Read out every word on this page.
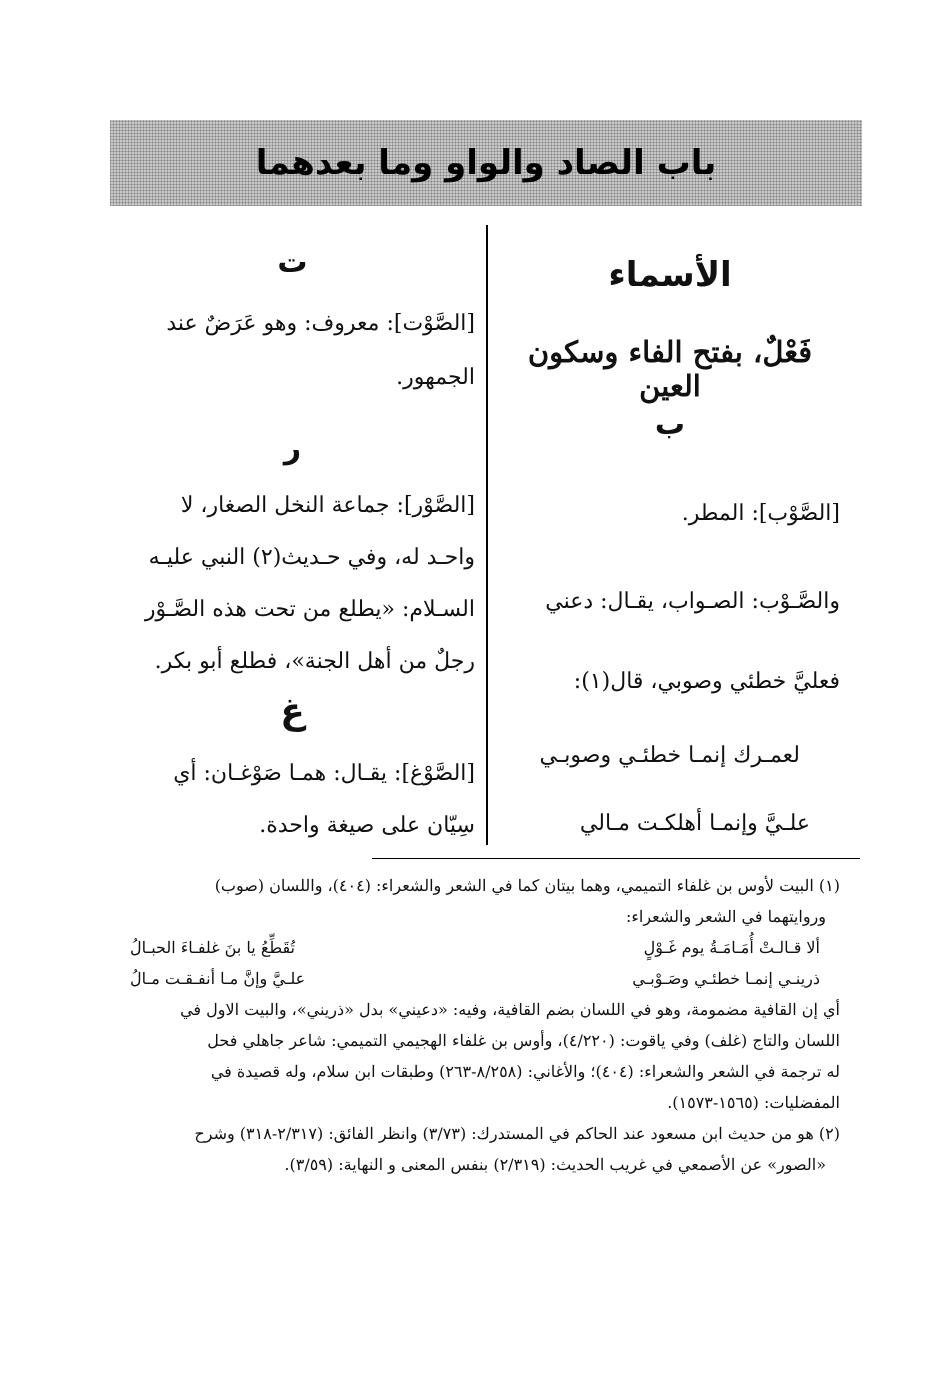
باب الصاد والواو وما بعدهما
الأسماء
فَعْلٌ، بفتح الفاء وسكون العين
ب
[الصَّوْب]: المطر.
والصَّـوْب: الصـواب، يقـال: دعني
فعليَّ خطئي وصوبي، قال(١):
لعمـرك إنمـا خطئـي وصوبـي
علـيَّ وإنمـا أهلكـت مـالي
ت
[الصَّوْت]: معروف: وهو عَرَضٌ عند
الجمهور.
ر
[الصَّوْر]: جماعة النخل الصغار، لا
واحـد له، وفي حـديث(٢) النبي عليـه
السـلام: «يطلع من تحت هذه الصَّـوْر
رجلٌ من أهل الجنة»، فطلع أبو بكر.
غ
[الصَّوْغ]: يقـال: همـا صَوْغـان: أي
سِيّان على صيغة واحدة.
(١) البيت لأوس بن غلفاء التميمي، وهما بيتان كما في الشعر والشعراء: (٤٠٤)، واللسان (صوب)
وروايتهما في الشعر والشعراء:
ألا قـالـتْ أُمَـامَـةُ يوم غَـوْلٍ
تُقَطِّعُ يا بنَ غلفـاءَ الحبـالُ
ذرينـي إنمـا خطئـي وصَـوْبـي
علـيَّ وإنَّ مـا أنفـقـت مـالُ
أي إن القافية مضمومة، وهو في اللسان بضم القافية، وفيه: «دعيني» بدل «ذريني»، والبيت الاول في
اللسان والتاج (غلف) وفي ياقوت: (٤/٢٢٠)، وأوس بن غلفاء الهجيمي التميمي: شاعر جاهلي فحل
له ترجمة في الشعر والشعراء: (٤٠٤)؛ والأغاني: (٨/٢٥٨-٢٦٣) وطبقات ابن سلام، وله قصيدة في
المفضليات: (١٥٦٥-١٥٧٣).
(٢) هو من حديث ابن مسعود عند الحاكم في المستدرك: (٣/٧٣) وانظر الفائق: (٢/٣١٧-٣١٨) وشرح
«الصور» عن الأصمعي في غريب الحديث: (٢/٣١٩) بنفس المعنى و النهاية: (٣/٥٩).
